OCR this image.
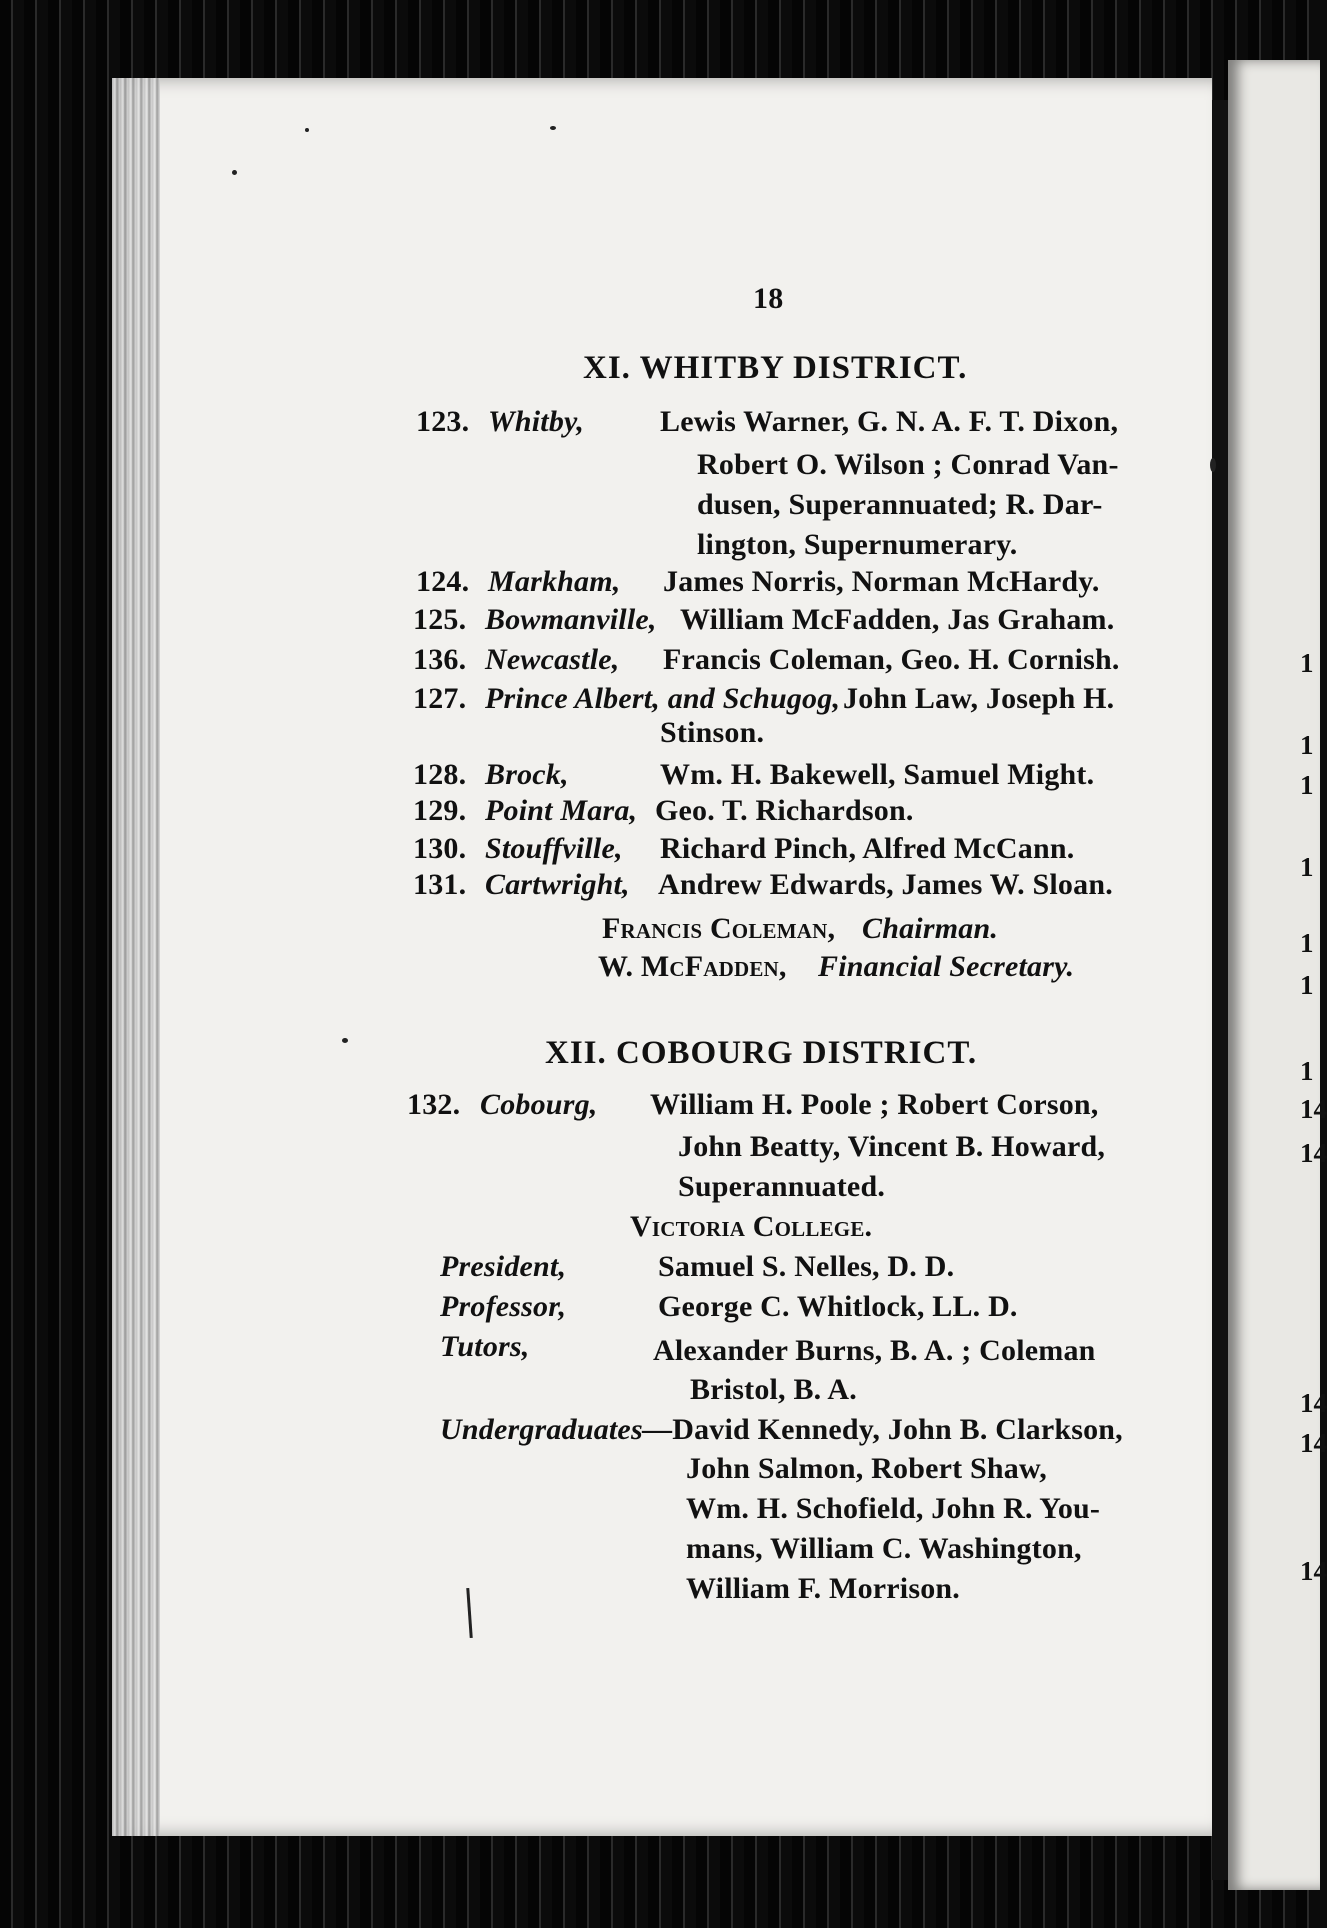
1
1
1
1
1
1
1
14
14
14
14
14
18
XI. WHITBY DISTRICT.
123. Whitby,	Lewis Warner, G. N. A. F. T. Dixon,
Robert O. Wilson ; Conrad Van-
dusen, Superannuated; R. Dar-
lington, Supernumerary.
124. Markham, James Norris, Norman McHardy.
125. Bowmanville, William McFadden, Jas Graham.
136. Newcastle, Francis Coleman, Geo. H. Cornish.
127. Prince Albert, and Schugog, John Law, Joseph H.
Stinson.
128. Brock,	Wm. H. Bakewell, Samuel Might.
129. Point Mara, Geo. T. Richardson.
130. Stouffville, Richard Pinch, Alfred McCann.
131. Cartwright, Andrew Edwards, James W. Sloan.
Francis Coleman, Chairman.
W. McFadden, Financial Secretary.
XII. COBOURG DISTRICT.
132. Cobourg, William H. Poole ; Robert Corson,
John Beatty, Vincent B. Howard,
Superannuated.
Victoria College.
President,	Samuel S. Nelles, D. D.
Professor,	George C. Whitlock, LL. D.
Tutors,	Alexander Burns, B. A. ; Coleman
Bristol, B. A.
Undergraduates —David Kennedy, John B. Clarkson,
John Salmon, Robert Shaw,
Wm. H. Schofield, John R. You-
mans, William C. Washington,
William F. Morrison.
